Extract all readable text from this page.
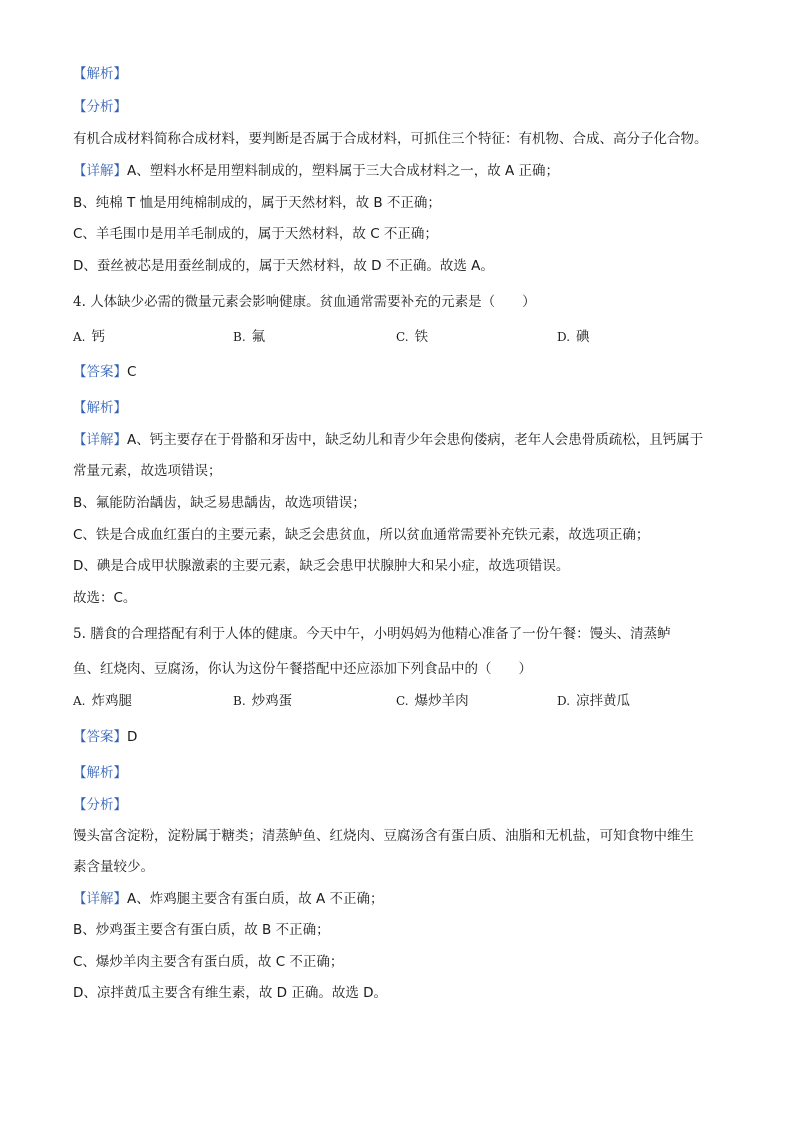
【解析】
【分析】
有机合成材料简称合成材料，要判断是否属于合成材料，可抓住三个特征：有机物、合成、高分子化合物。
【详解】A、塑料水杯是用塑料制成的，塑料属于三大合成材料之一，故 A 正确；
B、纯棉 T 恤是用纯棉制成的，属于天然材料，故 B 不正确；
C、羊毛围巾是用羊毛制成的，属于天然材料，故 C 不正确；
D、蚕丝被芯是用蚕丝制成的，属于天然材料，故 D 不正确。故选 A。
4. 人体缺少必需的微量元素会影响健康。贫血通常需要补充的元素是（　　）
A. 钙	B. 氟	C. 铁	D. 碘
【答案】C
【解析】
【详解】A、钙主要存在于骨骼和牙齿中，缺乏幼儿和青少年会患佝偻病，老年人会患骨质疏松，且钙属于
常量元素，故选项错误；
B、氟能防治龋齿，缺乏易患龋齿，故选项错误；
C、铁是合成血红蛋白的主要元素，缺乏会患贫血，所以贫血通常需要补充铁元素，故选项正确；
D、碘是合成甲状腺激素的主要元素，缺乏会患甲状腺肿大和呆小症，故选项错误。
故选：C。
5. 膳食的合理搭配有利于人体的健康。今天中午，小明妈妈为他精心准备了一份午餐：馒头、清蒸鲈
鱼、红烧肉、豆腐汤，你认为这份午餐搭配中还应添加下列食品中的（　　）
A. 炸鸡腿	B. 炒鸡蛋	C. 爆炒羊肉	D. 凉拌黄瓜
【答案】D
【解析】
【分析】
馒头富含淀粉，淀粉属于糖类；清蒸鲈鱼、红烧肉、豆腐汤含有蛋白质、油脂和无机盐，可知食物中维生
素含量较少。
【详解】A、炸鸡腿主要含有蛋白质，故 A 不正确；
B、炒鸡蛋主要含有蛋白质，故 B 不正确；
C、爆炒羊肉主要含有蛋白质，故 C 不正确；
D、凉拌黄瓜主要含有维生素，故 D 正确。故选 D。
